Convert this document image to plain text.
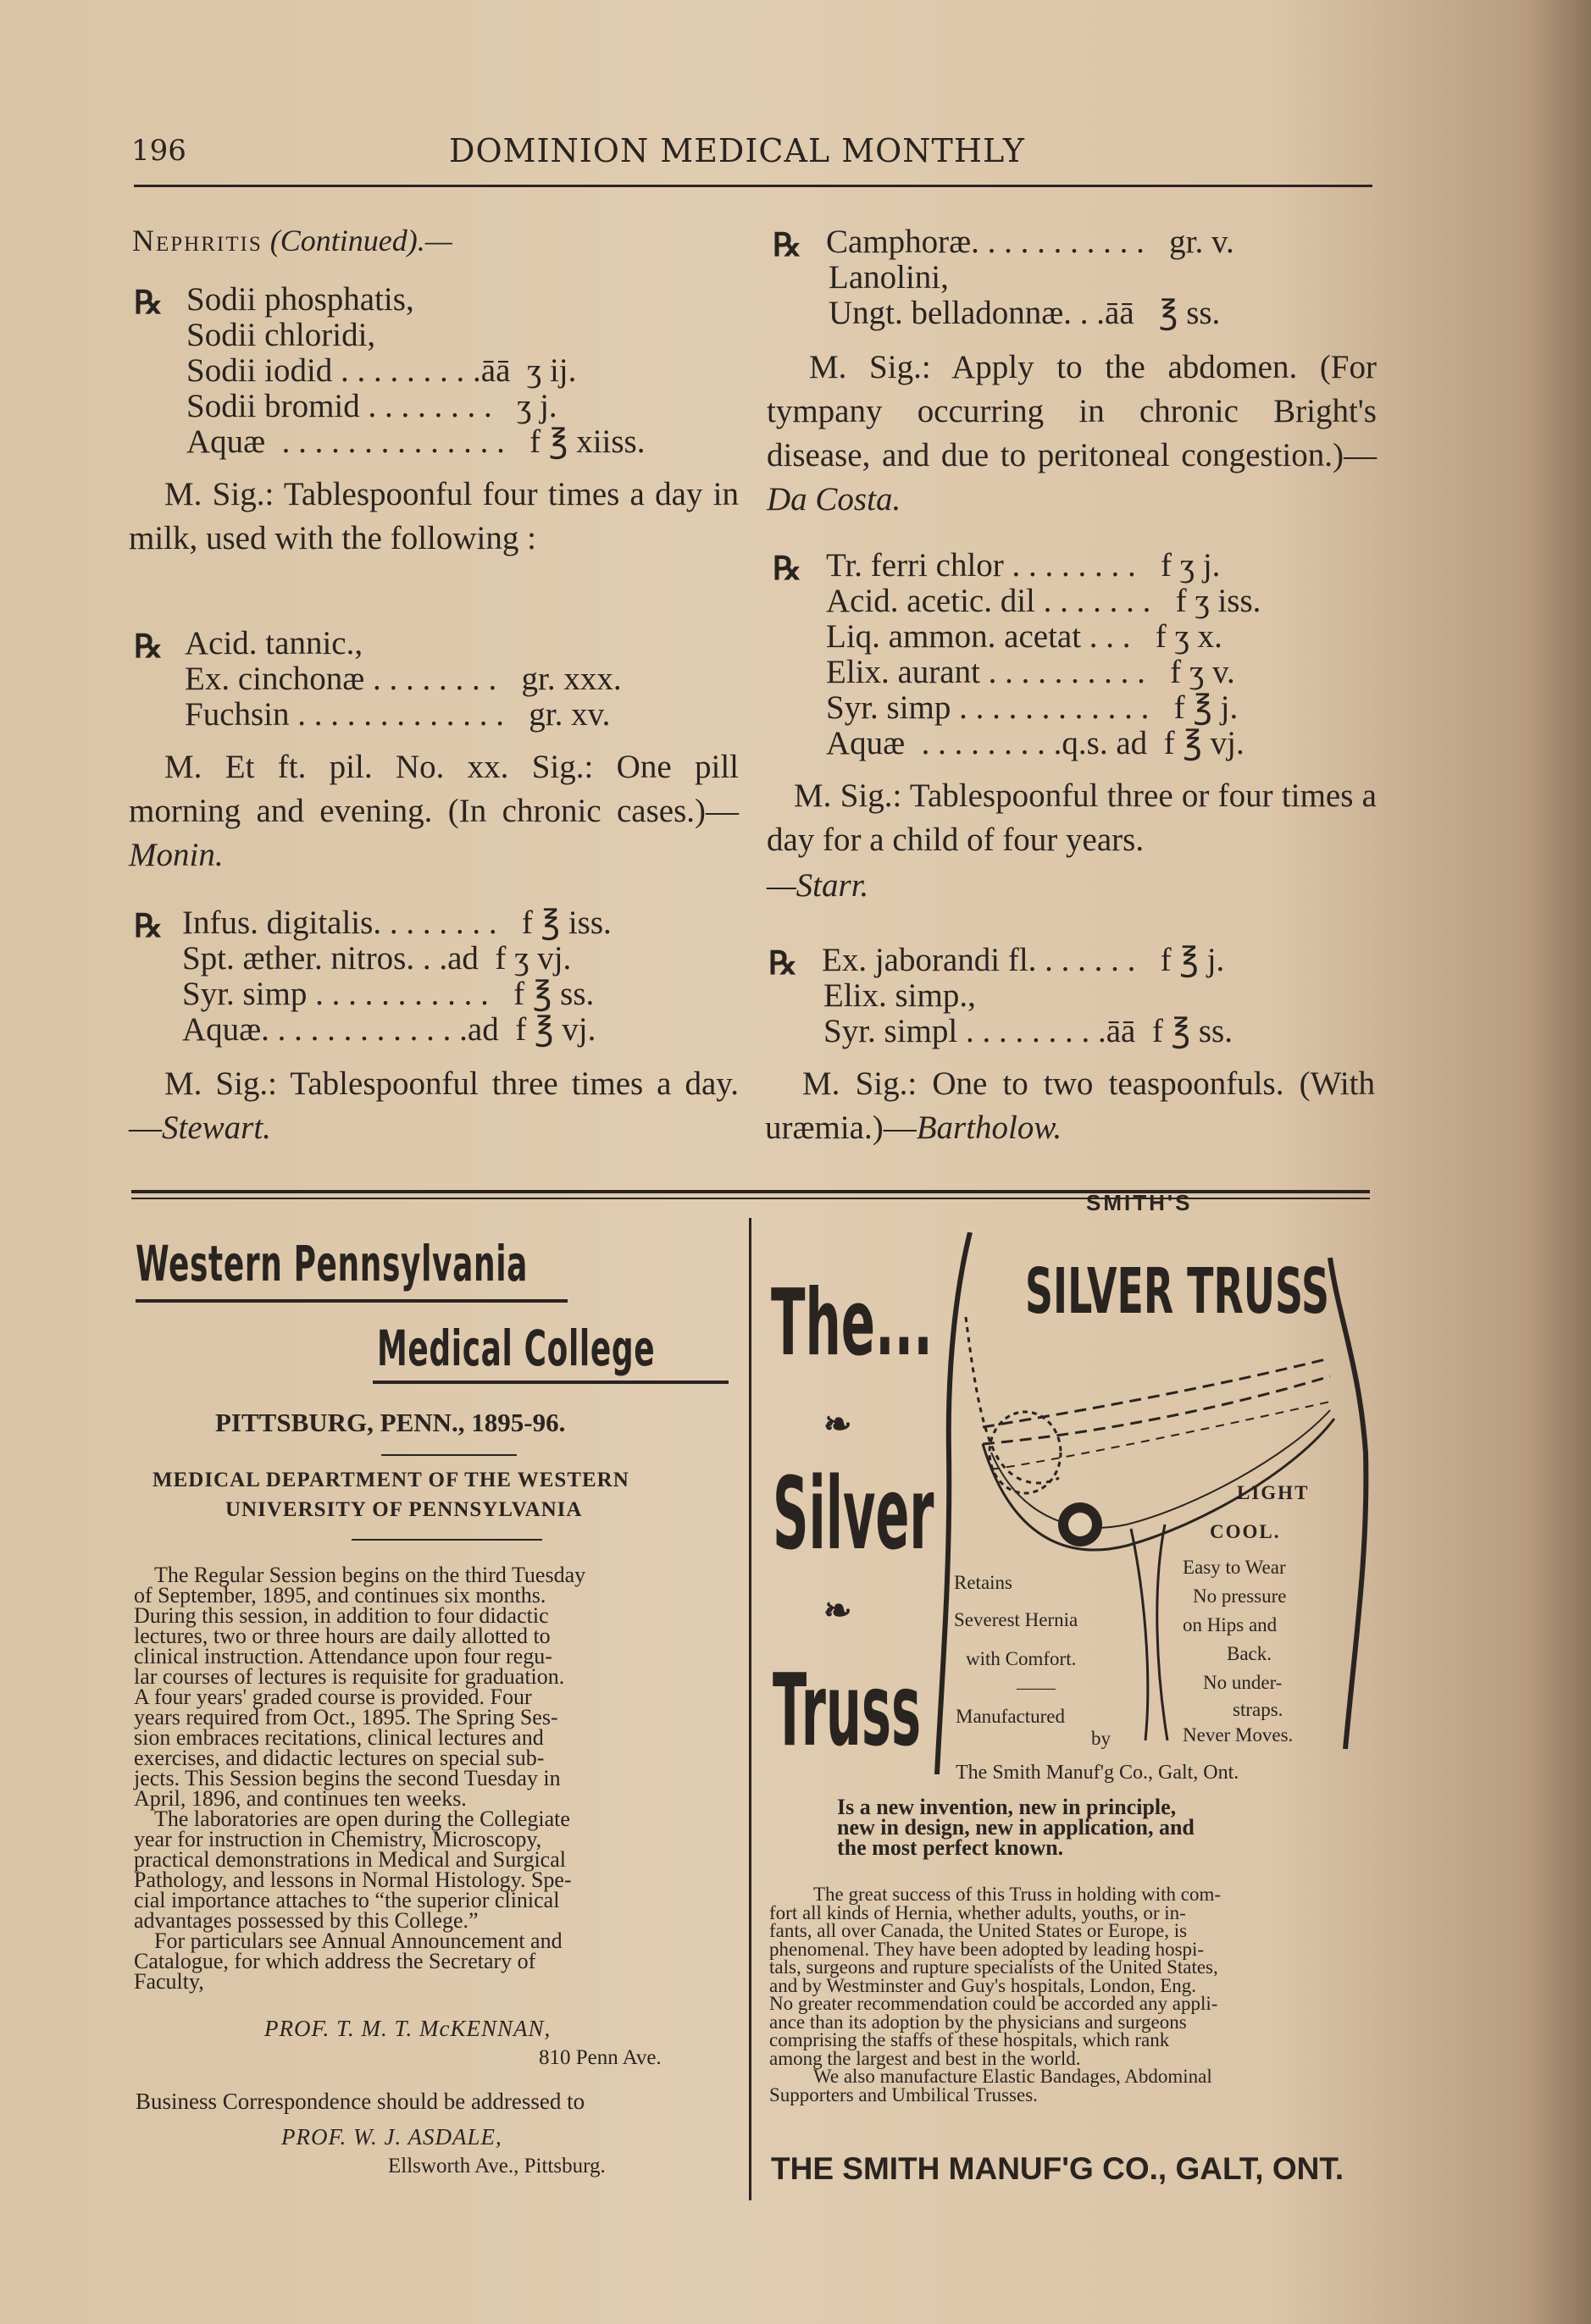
196	DOMINION MEDICAL MONTHLY
Nephritis (Continued).—
℞ Sodii phosphatis,
Sodii chloridi,
Sodii iodid . . . . . . . . .āā  ʒ ij.
Sodii bromid . . . . . . . .   ʒ j.
Aquæ  . . . . . . . . . . . . . .   f ℥ xiiss.
M. Sig.: Tablespoonful four times a day in milk, used with the following :
℞ Acid. tannic.,
Ex. cinchonæ . . . . . . . .   gr. xxx.
Fuchsin . . . . . . . . . . . . .   gr. xv.
M. Et ft. pil. No. xx. Sig.: One pill morning and evening. (In chronic cases.)—Monin.
℞ Infus. digitalis. . . . . . . .   f ℥ iss.
Spt. æther. nitros. . .ad  f ʒ vj.
Syr. simp . . . . . . . . . . .   f ℥ ss.
Aquæ. . . . . . . . . . . . .ad  f ℥ vj.
M. Sig.: Tablespoonful three times a day.—Stewart.
℞ Camphoræ. . . . . . . . . . .   gr. v.
Lanolini,
Ungt. belladonnæ. . .āā   ℥ ss.
M. Sig.: Apply to the abdomen. (For tympany occurring in chronic Bright's disease, and due to peritoneal congestion.)—Da Costa.
℞ Tr. ferri chlor . . . . . . . .   f ʒ j.
Acid. acetic. dil . . . . . . .   f ʒ iss.
Liq. ammon. acetat . . .   f ʒ x.
Elix. aurant . . . . . . . . . .   f ʒ v.
Syr. simp . . . . . . . . . . . .   f ℥ j.
Aquæ  . . . . . . . . .q.s. ad  f ℥ vj.
M. Sig.: Tablespoonful three or four times a day for a child of four years.
—Starr.
℞ Ex. jaborandi fl. . . . . . .   f ℥ j.
Elix. simp.,
Syr. simpl . . . . . . . . .āā  f ℥ ss.
M. Sig.: One to two teaspoonfuls. (With uræmia.)—Bartholow.
Western Pennsylvania
Medical College
PITTSBURG, PENN., 1895-96.
MEDICAL DEPARTMENT OF THE WESTERN
UNIVERSITY OF PENNSYLVANIA
The Regular Session begins on the third Tuesday
of September, 1895, and continues six months.
During this session, in addition to four didactic
lectures, two or three hours are daily allotted to
clinical instruction. Attendance upon four regu-
lar courses of lectures is requisite for graduation.
A four years' graded course is provided. Four
years required from Oct., 1895. The Spring Ses-
sion embraces recitations, clinical lectures and
exercises, and didactic lectures on special sub-
jects. This Session begins the second Tuesday in
April, 1896, and continues ten weeks.
The laboratories are open during the Collegiate
year for instruction in Chemistry, Microscopy,
practical demonstrations in Medical and Surgical
Pathology, and lessons in Normal Histology. Spe-
cial importance attaches to “the superior clinical
advantages possessed by this College.”
For particulars see Annual Announcement and
Catalogue, for which address the Secretary of
Faculty,
PROF. T. M. T. McKENNAN,
810 Penn Ave.
Business Correspondence should be addressed to
PROF. W. J. ASDALE,
Ellsworth Ave., Pittsburg.
The...
❧
Silver
❧
Truss
SMITH'S
SILVER TRUSS
LIGHT
COOL.
Easy to Wear
No pressure
on Hips and
Back.
No under-
straps.
Never Moves.
Retains
Severest Hernia
with Comfort.
——
Manufactured
by
The Smith Manuf'g Co., Galt, Ont.
Is a new invention, new in principle,
new in design, new in application, and
the most perfect known.
The great success of this Truss in holding with com-
fort all kinds of Hernia, whether adults, youths, or in-
fants, all over Canada, the United States or Europe, is
phenomenal. They have been adopted by leading hospi-
tals, surgeons and rupture specialists of the United States,
and by Westminster and Guy's hospitals, London, Eng.
No greater recommendation could be accorded any appli-
ance than its adoption by the physicians and surgeons
comprising the staffs of these hospitals, which rank
among the largest and best in the world.
We also manufacture Elastic Bandages, Abdominal
Supporters and Umbilical Trusses.
THE SMITH MANUF'G CO., GALT, ONT.
